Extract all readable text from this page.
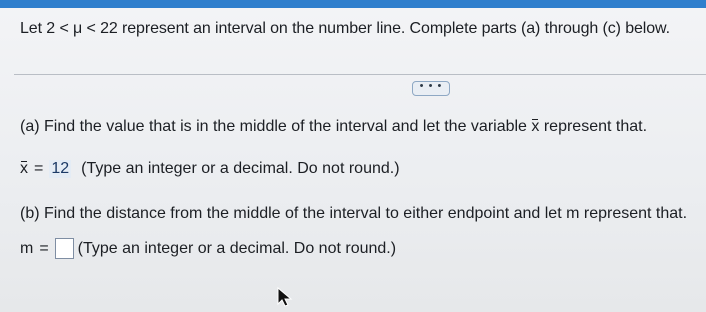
Let 2 < μ < 22 represent an interval on the number line. Complete parts (a) through (c) below.
• • •
(a) Find the value that is in the middle of the interval and let the variable x represent that.
x = 12 (Type an integer or a decimal. Do not round.)
(b) Find the distance from the middle of the interval to either endpoint and let m represent that.
m = (Type an integer or a decimal. Do not round.)
